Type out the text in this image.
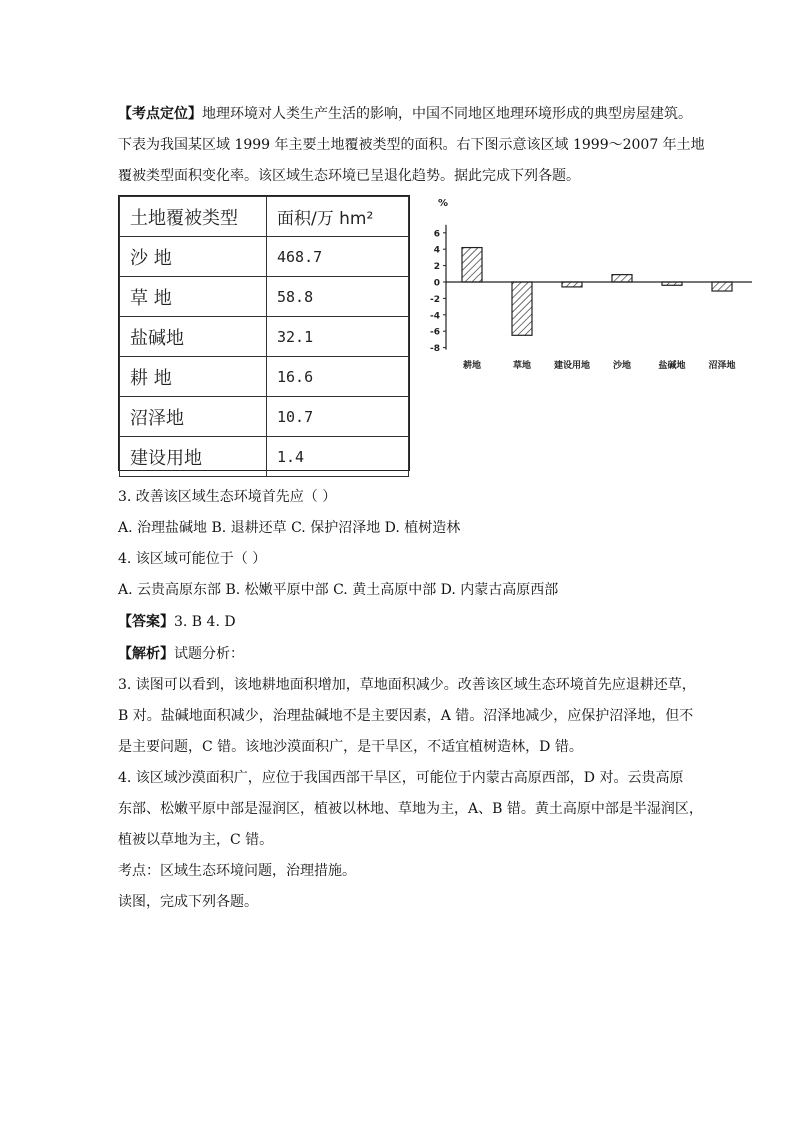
【考点定位】地理环境对人类生产生活的影响，中国不同地区地理环境形成的典型房屋建筑。
下表为我国某区域 1999 年主要土地覆被类型的面积。右下图示意该区域 1999～2007 年土地
覆被类型面积变化率。该区域生态环境已呈退化趋势。据此完成下列各题。
土地覆被类型	面积/万 hm²
沙 地	468.7
草 地	58.8
盐碱地	32.1
耕 地	16.6
沼泽地	10.7
建设用地	1.4
%
6
4
2
0
-2
-4
-6
-8
耕地	草地	建设用地	沙地	盐碱地	沼泽地
3. 改善该区域生态环境首先应（ ）
A. 治理盐碱地 B. 退耕还草 C. 保护沼泽地 D. 植树造林
4. 该区域可能位于（ ）
A. 云贵高原东部 B. 松嫩平原中部 C. 黄土高原中部 D. 内蒙古高原西部
【答案】3. B 4. D
【解析】试题分析：
3. 读图可以看到，该地耕地面积增加，草地面积减少。改善该区域生态环境首先应退耕还草，
B 对。盐碱地面积减少，治理盐碱地不是主要因素，A 错。沼泽地减少，应保护沼泽地，但不
是主要问题，C 错。该地沙漠面积广，是干旱区，不适宜植树造林，D 错。
4. 该区域沙漠面积广，应位于我国西部干旱区，可能位于内蒙古高原西部，D 对。云贵高原
东部、松嫩平原中部是湿润区，植被以林地、草地为主，A、B 错。黄土高原中部是半湿润区，
植被以草地为主，C 错。
考点：区域生态环境问题，治理措施。
读图，完成下列各题。
